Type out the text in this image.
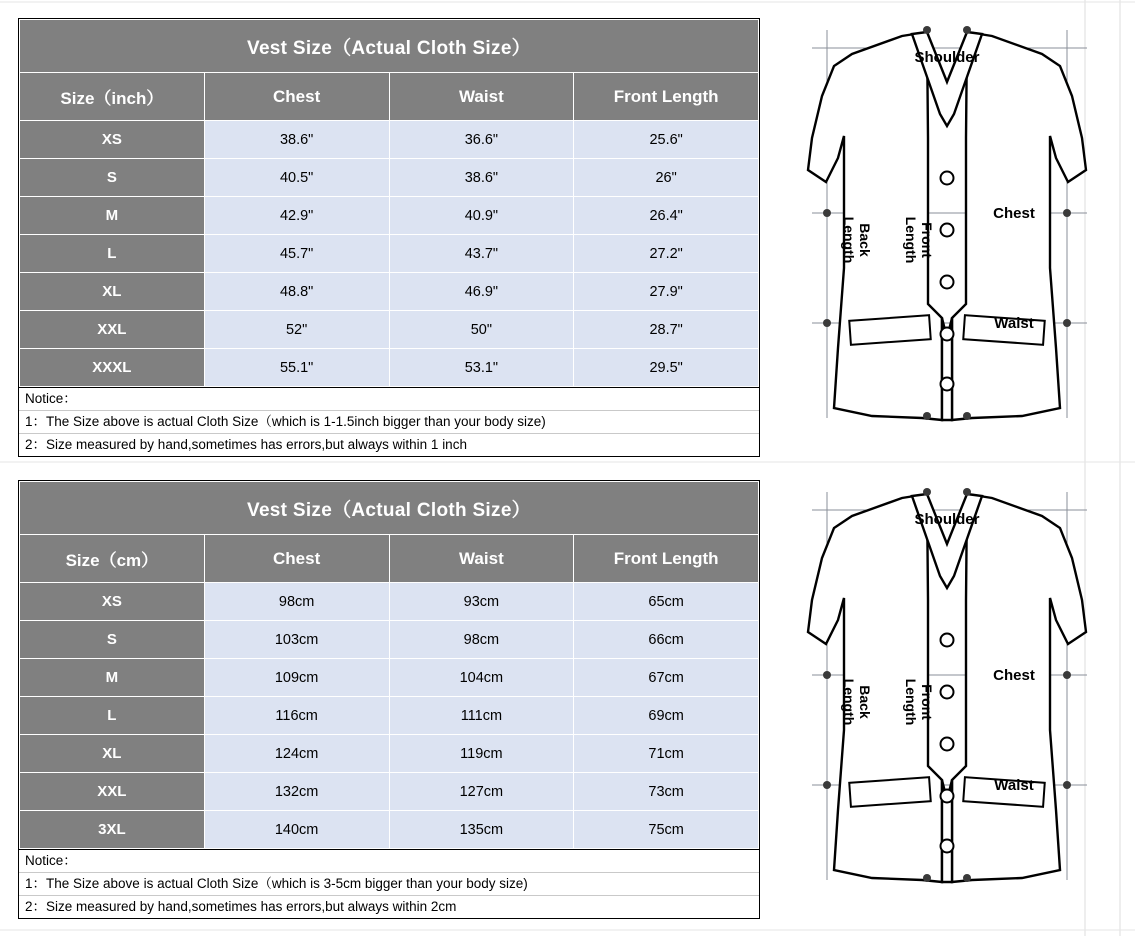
Vest Size（Actual Cloth Size）			
Size（inch）	Chest	Waist	Front Length
XS	38.6"	36.6"	25.6"
S	40.5"	38.6"	26"
M	42.9"	40.9"	26.4"
L	45.7"	43.7"	27.2"
XL	48.8"	46.9"	27.9"
XXL	52"	50"	28.7"
XXXL	55.1"	53.1"	29.5"
Notice：
1：The Size above is actual Cloth Size（which is 1-1.5inch bigger than your body size)
2：Size measured by hand,sometimes has errors,but always within 1 inch
Shoulder
Chest
Waist
Back
Length	Front
Length
Vest Size（Actual Cloth Size）			
Size（cm）	Chest	Waist	Front Length
XS	98cm	93cm	65cm
S	103cm	98cm	66cm
M	109cm	104cm	67cm
L	116cm	111cm	69cm
XL	124cm	119cm	71cm
XXL	132cm	127cm	73cm
3XL	140cm	135cm	75cm
Notice：
1：The Size above is actual Cloth Size（which is 3-5cm bigger than your body size)
2：Size measured by hand,sometimes has errors,but always within 2cm
Shoulder
Chest
Waist
Back
Length	Front
Length
